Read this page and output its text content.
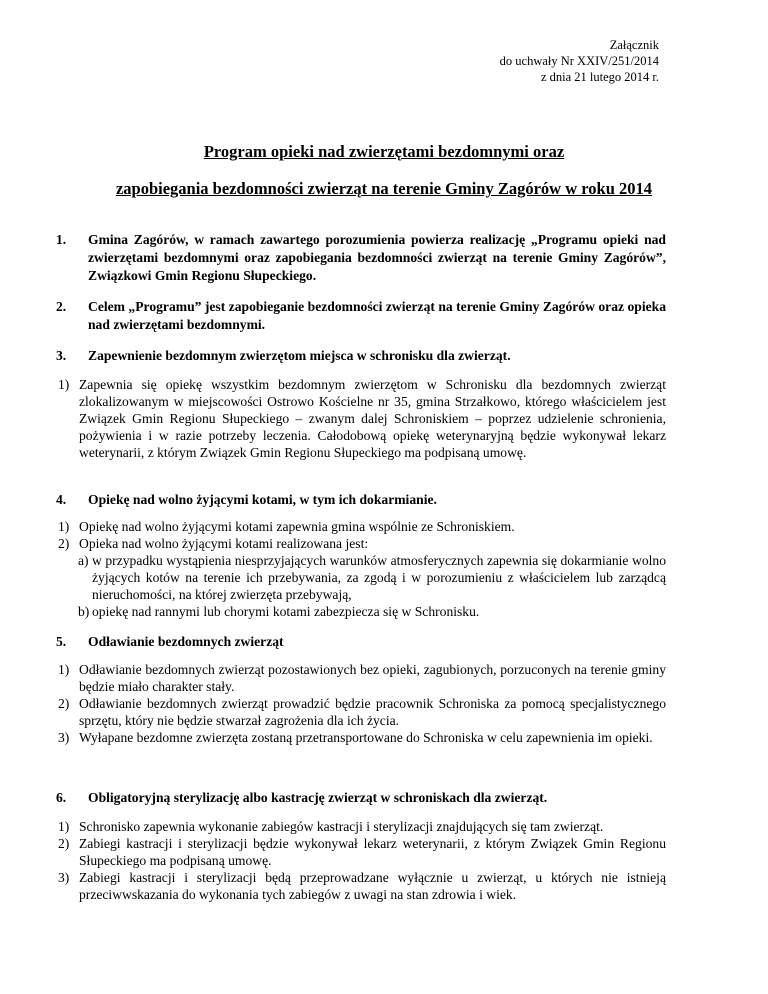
Załącznik
do uchwały Nr XXIV/251/2014
z dnia 21 lutego 2014 r.
Program opieki nad zwierzętami bezdomnymi oraz
zapobiegania bezdomności zwierząt na terenie Gminy Zagórów w roku 2014
1. Gmina Zagórów, w ramach zawartego porozumienia powierza realizację „Programu opieki nad zwierzętami bezdomnymi oraz zapobiegania bezdomności zwierząt na terenie Gminy Zagórów”, Związkowi Gmin Regionu Słupeckiego.
2. Celem „Programu” jest zapobieganie bezdomności zwierząt na terenie Gminy Zagórów oraz opieka nad zwierzętami bezdomnymi.
3. Zapewnienie bezdomnym zwierzętom miejsca w schronisku dla zwierząt.
1) Zapewnia się opiekę wszystkim bezdomnym zwierzętom w Schronisku dla bezdomnych zwierząt zlokalizowanym w miejscowości Ostrowo Kościelne nr 35, gmina Strzałkowo, którego właścicielem jest Związek Gmin Regionu Słupeckiego – zwanym dalej Schroniskiem – poprzez udzielenie schronienia, pożywienia i w razie potrzeby leczenia. Całodobową opiekę weterynaryjną będzie wykonywał lekarz weterynarii, z którym Związek Gmin Regionu Słupeckiego ma podpisaną umowę.
4. Opiekę nad wolno żyjącymi kotami, w tym ich dokarmianie.
1) Opiekę nad wolno żyjącymi kotami zapewnia gmina wspólnie ze Schroniskiem.
2) Opieka nad wolno żyjącymi kotami realizowana jest:
a) w przypadku wystąpienia niesprzyjających warunków atmosferycznych zapewnia się dokarmianie wolno żyjących kotów na terenie ich przebywania, za zgodą i w porozumieniu z właścicielem lub zarządcą nieruchomości, na której zwierzęta przebywają,
b) opiekę nad rannymi lub chorymi kotami zabezpiecza się w Schronisku.
5. Odławianie bezdomnych zwierząt
1) Odławianie bezdomnych zwierząt pozostawionych bez opieki, zagubionych, porzuconych na terenie gminy będzie miało charakter stały.
2) Odławianie bezdomnych zwierząt prowadzić będzie pracownik Schroniska za pomocą specjalistycznego sprzętu, który nie będzie stwarzał zagrożenia dla ich życia.
3) Wyłapane bezdomne zwierzęta zostaną przetransportowane do Schroniska w celu zapewnienia im opieki.
6. Obligatoryjną sterylizację albo kastrację zwierząt w schroniskach dla zwierząt.
1) Schronisko zapewnia wykonanie zabiegów kastracji i sterylizacji znajdujących się tam zwierząt.
2) Zabiegi kastracji i sterylizacji będzie wykonywał lekarz weterynarii, z którym Związek Gmin Regionu Słupeckiego ma podpisaną umowę.
3) Zabiegi kastracji i sterylizacji będą przeprowadzane wyłącznie u zwierząt, u których nie istnieją przeciwwskazania do wykonania tych zabiegów z uwagi na stan zdrowia i wiek.
